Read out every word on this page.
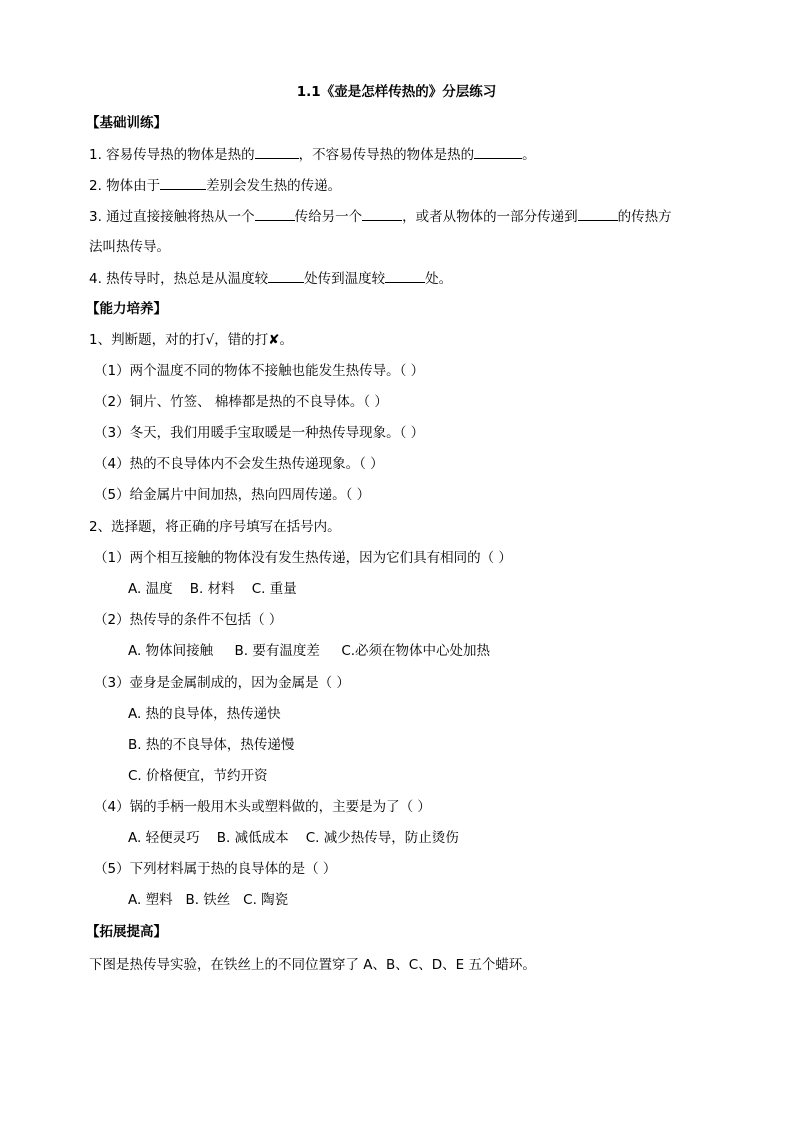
1.1《壶是怎样传热的》分层练习
【基础训练】
1. 容易传导热的物体是热的	，不容易传导热的物体是热的	。
2. 物体由于	差别会发生热的传递。
3. 通过直接接触将热从一个	传给另一个	，或者从物体的一部分传递到	的传热方
法叫热传导。
4. 热传导时，热总是从温度较	处传到温度较	处。
【能力培养】
1、判断题，对的打√，错的打✘。
（1）两个温度不同的物体不接触也能发生热传导。（ ）
（2）铜片、竹签、 棉棒都是热的不良导体。（ ）
（3）冬天，我们用暖手宝取暖是一种热传导现象。（ ）
（4）热的不良导体内不会发生热传递现象。（ ）
（5）给金属片中间加热，热向四周传递。（ ）
2、选择题，将正确的序号填写在括号内。
（1）两个相互接触的物体没有发生热传递，因为它们具有相同的（ ）
A. 温度    B. 材料    C. 重量
（2）热传导的条件不包括（ ）
A. 物体间接触     B. 要有温度差     C.必须在物体中心处加热
（3）壶身是金属制成的，因为金属是（ ）
A. 热的良导体，热传递快
B. 热的不良导体，热传递慢
C. 价格便宜，节约开资
（4）锅的手柄一般用木头或塑料做的，主要是为了（ ）
A. 轻便灵巧    B. 减低成本    C. 减少热传导，防止烫伤
（5）下列材料属于热的良导体的是（ ）
A. 塑料   B. 铁丝   C. 陶瓷
【拓展提高】
下图是热传导实验，在铁丝上的不同位置穿了 A、B、C、D、E 五个蜡环。
